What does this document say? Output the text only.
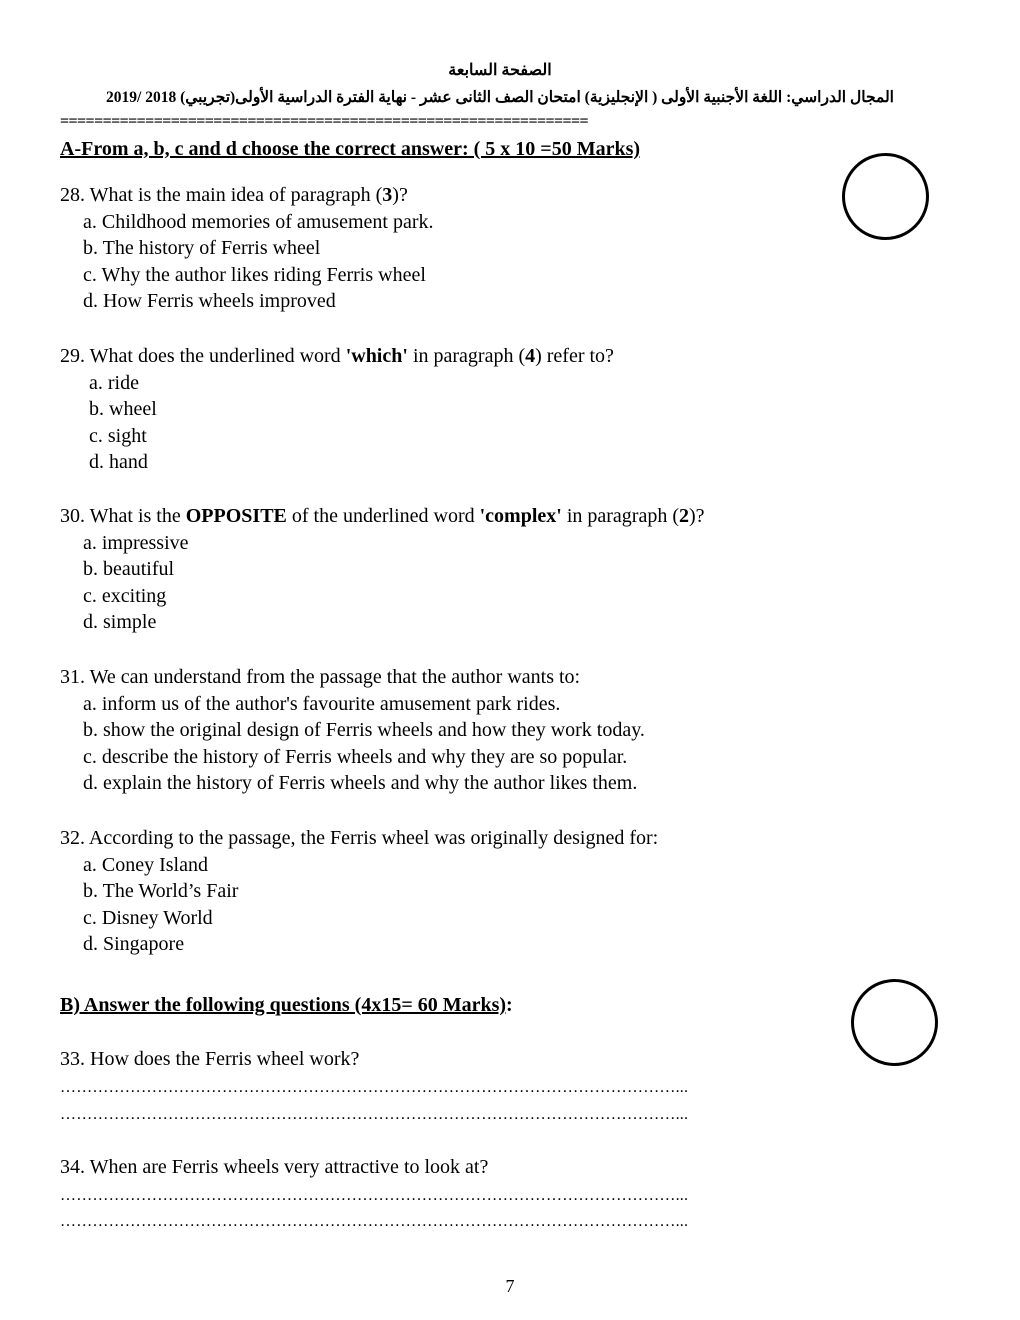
الصفحة السابعة
المجال الدراسي: اللغة الأجنبية الأولى ( الإنجليزية) امتحان الصف الثانى عشر - نهاية الفترة الدراسية الأولى(تجريبي) 2018 /2019
==============================================================
A-From a, b, c and d choose the correct answer: ( 5 x 10 =50 Marks)
28. What is the main idea of paragraph (3)?
a. Childhood memories of amusement park.
b. The history of Ferris wheel
c. Why the author likes riding Ferris wheel
d. How Ferris wheels improved
29. What does the underlined word 'which' in paragraph (4) refer to?
a. ride
b. wheel
c. sight
d. hand
30. What is the OPPOSITE of the underlined word 'complex' in paragraph (2)?
a. impressive
b. beautiful
c. exciting
d. simple
31. We can understand from the passage that the author wants to:
a. inform us of the author's favourite amusement park rides.
b. show the original design of Ferris wheels and how they work today.
c. describe the history of Ferris wheels and why they are so popular.
d. explain the history of Ferris wheels and why the author likes them.
32. According to the passage, the Ferris wheel was originally designed for:
a. Coney Island
b. The World’s Fair
c. Disney World
d. Singapore
B) Answer the following questions (4x15= 60 Marks):
33. How does the Ferris wheel work?
……………………………………………………………………………………………………...
……………………………………………………………………………………………………...
34. When are Ferris wheels very attractive to look at?
……………………………………………………………………………………………………...
……………………………………………………………………………………………………...
7
